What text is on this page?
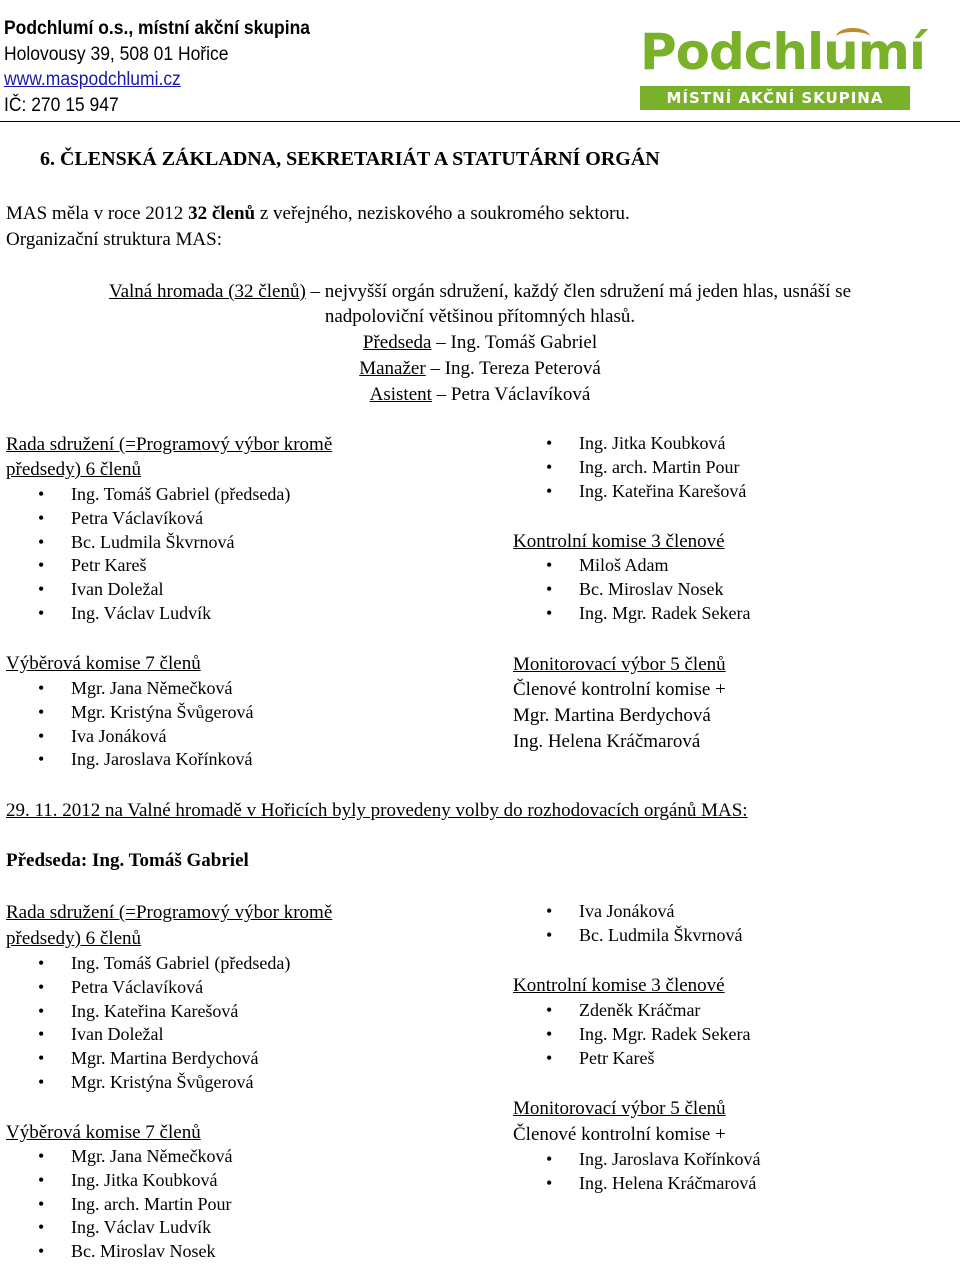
Podchlumí o.s., místní akční skupina
Holovousy 39, 508 01 Hořice
www.maspodchlumi.cz
IČ: 270 15 947
Podchlumí
MÍSTNÍ AKČNÍ SKUPINA
6. ČLENSKÁ ZÁKLADNA, SEKRETARIÁT A STATUTÁRNÍ ORGÁN
MAS měla v roce 2012 32 členů z veřejného, neziskového a soukromého sektoru.
Organizační struktura MAS:
Valná hromada (32 členů) – nejvyšší orgán sdružení, každý člen sdružení má jeden hlas, usnáší se
nadpoloviční většinou přítomných hlasů.
Předseda – Ing. Tomáš Gabriel
Manažer – Ing. Tereza Peterová
Asistent – Petra Václavíková
Rada sdružení (=Programový výbor kromě
předsedy) 6 členů
• Ing. Tomáš Gabriel (předseda)
• Petra Václavíková
• Bc. Ludmila Škvrnová
• Petr Kareš
• Ivan Doležal
• Ing. Václav Ludvík
Výběrová komise 7 členů
• Mgr. Jana Němečková
• Mgr. Kristýna Švůgerová
• Iva Jonáková
• Ing. Jaroslava Kořínková
• Ing. Jitka Koubková
• Ing. arch. Martin Pour
• Ing. Kateřina Karešová
Kontrolní komise 3 členové
• Miloš Adam
• Bc. Miroslav Nosek
• Ing. Mgr. Radek Sekera
Monitorovací výbor 5 členů
Členové kontrolní komise +
Mgr. Martina Berdychová
Ing. Helena Kráčmarová
29. 11. 2012 na Valné hromadě v Hořicích byly provedeny volby do rozhodovacích orgánů MAS:
Předseda: Ing. Tomáš Gabriel
Rada sdružení (=Programový výbor kromě
předsedy) 6 členů
• Ing. Tomáš Gabriel (předseda)
• Petra Václavíková
• Ing. Kateřina Karešová
• Ivan Doležal
• Mgr. Martina Berdychová
• Mgr. Kristýna Švůgerová
Výběrová komise 7 členů
• Mgr. Jana Němečková
• Ing. Jitka Koubková
• Ing. arch. Martin Pour
• Ing. Václav Ludvík
• Bc. Miroslav Nosek
• Iva Jonáková
• Bc. Ludmila Škvrnová
Kontrolní komise 3 členové
• Zdeněk Kráčmar
• Ing. Mgr. Radek Sekera
• Petr Kareš
Monitorovací výbor 5 členů
Členové kontrolní komise +
• Ing. Jaroslava Kořínková
• Ing. Helena Kráčmarová
